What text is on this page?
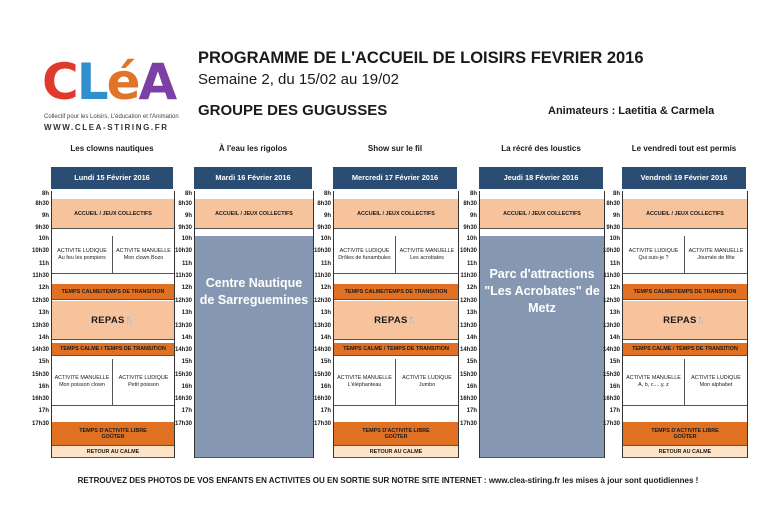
CLéA
Collectif pour les Loisirs, L'éducation et l'Animation
WWW.CLEA-STIRING.FR
PROGRAMME DE L'ACCUEIL DE LOISIRS FEVRIER 2016
Semaine 2, du 15/02 au 19/02
GROUPE DES GUGUSSES	Animateurs : Laetitia & Carmela
Les clowns nautiques
Lundi 15 Février 2016
8h
8h30
9h
9h30
10h
10h30
11h
11h30
12h
12h30
13h
13h30
14h
14h30
15h
15h30
16h
16h30
17h
17h30
ACCUEIL / JEUX COLLECTIFS
ACTIVITE LUDIQUE
Au feu les pompiers
ACTIVITE MANUELLE
Mon clown Bozo
TEMPS CALME/TEMPS DE TRANSITION
REPAS 🍴
TEMPS CALME / TEMPS DE TRANSITION
ACTIVITE MANUELLE
Mon poisson clown
ACTIVITE LUDIQUE
Petit poisson
TEMPS D'ACTIVITE LIBRE
GOÛTER
RETOUR AU CALME
À l'eau les rigolos
Mardi 16 Février 2016
8h
8h30
9h
9h30
10h
10h30
11h
11h30
12h
12h30
13h
13h30
14h
14h30
15h
15h30
16h
16h30
17h
17h30
ACCUEIL / JEUX COLLECTIFS
Centre Nautique de Sarreguemines
Show sur le fil
Mercredi 17 Février 2016
8h
8h30
9h
9h30
10h
10h30
11h
11h30
12h
12h30
13h
13h30
14h
14h30
15h
15h30
16h
16h30
17h
17h30
ACCUEIL / JEUX COLLECTIFS
ACTIVITE LUDIQUE
Drôles de funambules
ACTIVITE MANUELLE
Les acrobates
TEMPS CALME/TEMPS DE TRANSITION
REPAS 🍴
TEMPS CALME / TEMPS DE TRANSITION
ACTIVITE MANUELLE
L'éléphanteau
ACTIVITE LUDIQUE
Jumbo
TEMPS D'ACTIVITE LIBRE
GOÛTER
RETOUR AU CALME
La récré des loustics
Jeudi 18 Février 2016
8h
8h30
9h
9h30
10h
10h30
11h
11h30
12h
12h30
13h
13h30
14h
14h30
15h
15h30
16h
16h30
17h
17h30
ACCUEIL / JEUX COLLECTIFS
Parc d'attractions "Les Acrobates" de Metz
Le vendredi tout est permis
Vendredi 19 Février 2016
8h
8h30
9h
9h30
10h
10h30
11h
11h30
12h
12h30
13h
13h30
14h
14h30
15h
15h30
16h
16h30
17h
17h30
ACCUEIL / JEUX COLLECTIFS
ACTIVITE LUDIQUE
Qui suis-je ?
ACTIVITE MANUELLE
Journée de fête
TEMPS CALME/TEMPS DE TRANSITION
REPAS 🍴
TEMPS CALME / TEMPS DE TRANSITION
ACTIVITE MANUELLE
A, b, c.....y, z
ACTIVITE LUDIQUE
Mon alphabet
TEMPS D'ACTIVITE LIBRE
GOÛTER
RETOUR AU CALME
RETROUVEZ DES PHOTOS DE VOS ENFANTS EN ACTIVITES OU EN SORTIE SUR NOTRE SITE INTERNET : www.clea-stiring.fr les mises à jour sont quotidiennes !
